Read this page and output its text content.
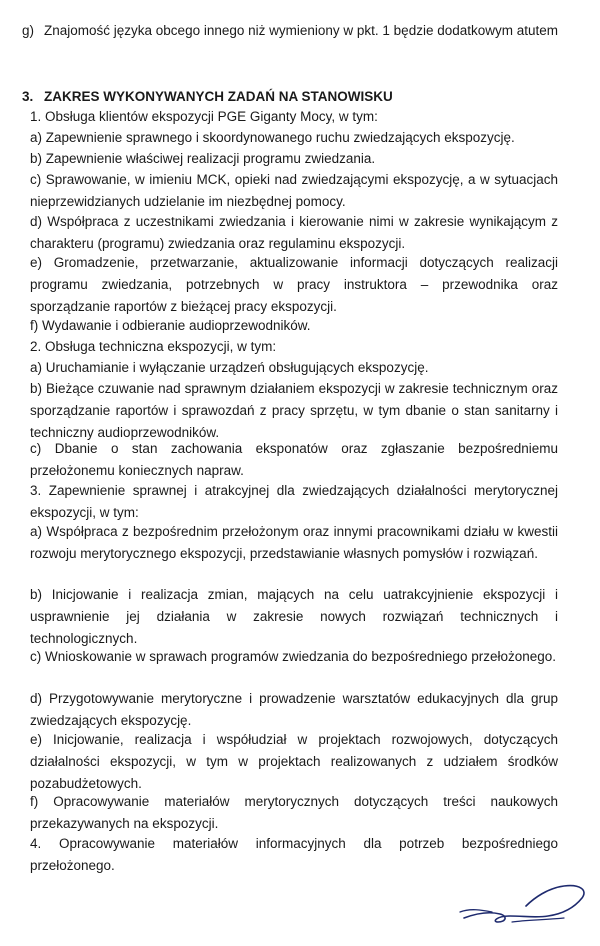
g) Znajomość języka obcego innego niż wymieniony w pkt. 1 będzie dodatkowym atutem
3. ZAKRES WYKONYWANYCH ZADAŃ NA STANOWISKU

1. Obsługa klientów ekspozycji PGE Giganty Mocy, w tym:

a) Zapewnienie sprawnego i skoordynowanego ruchu zwiedzających ekspozycję.

b) Zapewnienie właściwej realizacji programu zwiedzania.

c) Sprawowanie, w imieniu MCK, opieki nad zwiedzającymi ekspozycję, a w sytuacjach nieprzewidzianych udzielanie im niezbędnej pomocy.

d) Współpraca z uczestnikami zwiedzania i kierowanie nimi w zakresie wynikającym z charakteru (programu) zwiedzania oraz regulaminu ekspozycji.

e) Gromadzenie, przetwarzanie, aktualizowanie informacji dotyczących realizacji programu zwiedzania, potrzebnych w pracy instruktora – przewodnika oraz sporządzanie raportów z bieżącej pracy ekspozycji.

f) Wydawanie i odbieranie audioprzewodników.

2. Obsługa techniczna ekspozycji, w tym:

a) Uruchamianie i wyłączanie urządzeń obsługujących ekspozycję.

b) Bieżące czuwanie nad sprawnym działaniem ekspozycji w zakresie technicznym oraz sporządzanie raportów i sprawozdań z pracy sprzętu, w tym dbanie o stan sanitarny i techniczny audioprzewodników.

c) Dbanie o stan zachowania eksponatów oraz zgłaszanie bezpośredniemu przełożonemu koniecznych napraw.

3. Zapewnienie sprawnej i atrakcyjnej dla zwiedzających działalności merytorycznej ekspozycji, w tym:

a) Współpraca z bezpośrednim przełożonym oraz innymi pracownikami działu w kwestii rozwoju merytorycznego ekspozycji, przedstawianie własnych pomysłów i rozwiązań.

b) Inicjowanie i realizacja zmian, mających na celu uatrakcyjnienie ekspozycji i usprawnienie jej działania w zakresie nowych rozwiązań technicznych i technologicznych.

c) Wnioskowanie w sprawach programów zwiedzania do bezpośredniego przełożonego.

d) Przygotowywanie merytoryczne i prowadzenie warsztatów edukacyjnych dla grup zwiedzających ekspozycję.

e) Inicjowanie, realizacja i współudział w projektach rozwojowych, dotyczących działalności ekspozycji, w tym w projektach realizowanych z udziałem środków pozabudżetowych.

f) Opracowywanie materiałów merytorycznych dotyczących treści naukowych przekazywanych na ekspozycji.

4. Opracowywanie materiałów informacyjnych dla potrzeb bezpośredniego przełożonego.
